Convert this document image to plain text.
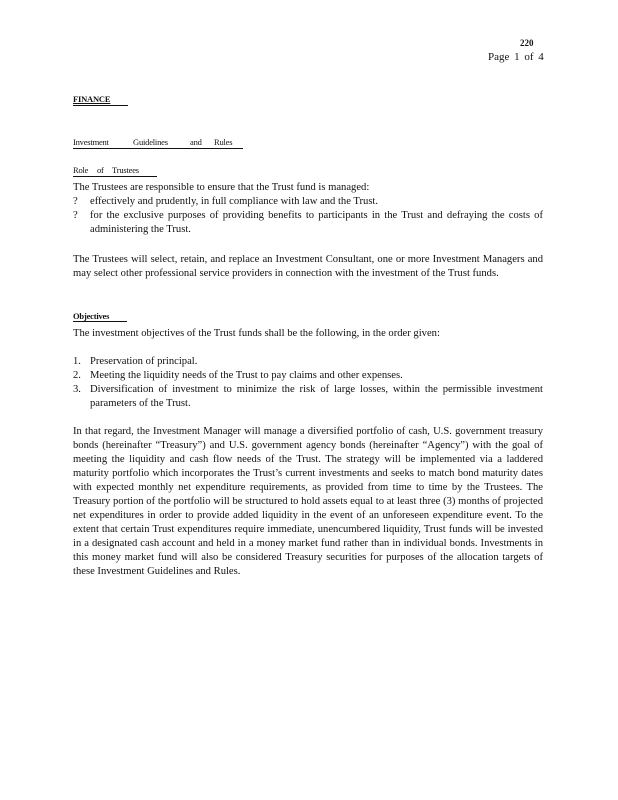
220
Page 1 of 4
FINANCE
Investment	Guidelines	and Rules
Role of Trustees
The Trustees are responsible to ensure that the Trust fund is managed:
? effectively and prudently, in full compliance with law and the Trust.
? for the exclusive purposes of providing benefits to participants in the Trust and defraying the costs of administering the Trust.
The Trustees will select, retain, and replace an Investment Consultant, one or more Investment Managers and may select other professional service providers in connection with the investment of the Trust funds.
Objectives
The investment objectives of the Trust funds shall be the following, in the order given:
1. Preservation of principal.
2. Meeting the liquidity needs of the Trust to pay claims and other expenses.
3. Diversification of investment to minimize the risk of large losses, within the permissible investment parameters of the Trust.
In that regard, the Investment Manager will manage a diversified portfolio of cash, U.S. government treasury bonds (hereinafter “Treasury”) and U.S. government agency bonds (hereinafter “Agency”) with the goal of meeting the liquidity and cash flow needs of the Trust. The strategy will be implemented via a laddered maturity portfolio which incorporates the Trust’s current investments and seeks to match bond maturity dates with expected monthly net expenditure requirements, as provided from time to time by the Trustees. The Treasury portion of the portfolio will be structured to hold assets equal to at least three (3) months of projected net expenditures in order to provide added liquidity in the event of an unforeseen expenditure event. To the extent that certain Trust expenditures require immediate, unencumbered liquidity, Trust funds will be invested in a designated cash account and held in a money market fund rather than in individual bonds. Investments in this money market fund will also be considered Treasury securities for purposes of the allocation targets of these Investment Guidelines and Rules.
